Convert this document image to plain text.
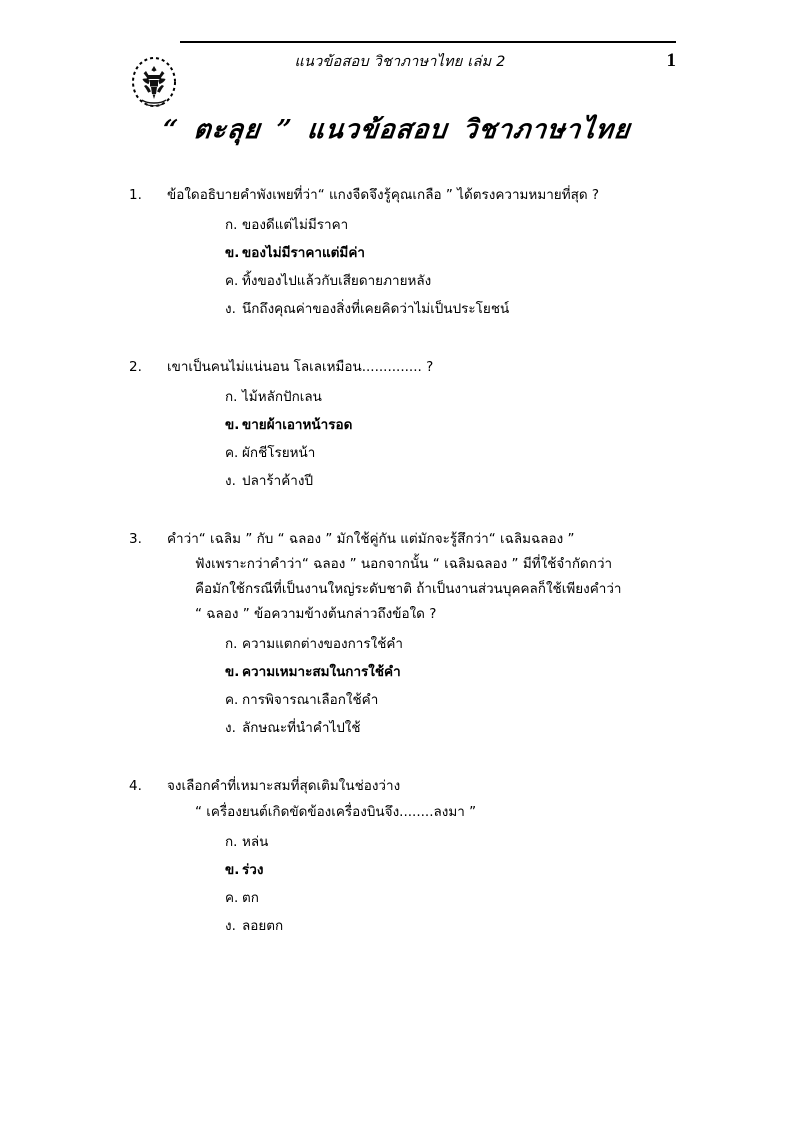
แนวข้อสอบ วิชาภาษาไทย เล่ม 2	1
“ ตะลุย ” แนวข้อสอบ วิชาภาษาไทย
1. ข้อใดอธิบายคำพังเพยที่ว่า“ แกงจืดจึงรู้คุณเกลือ ” ได้ตรงความหมายที่สุด ?
ก. ของดีแต่ไม่มีราคา
ข. ของไม่มีราคาแต่มีค่า
ค. ทิ้งของไปแล้วกับเสียดายภายหลัง
ง. นึกถึงคุณค่าของสิ่งที่เคยคิดว่าไม่เป็นประโยชน์
2. เขาเป็นคนไม่แน่นอน โลเลเหมือน.............. ?
ก. ไม้หลักปักเลน
ข. ขายผ้าเอาหน้ารอด
ค. ผักชีโรยหน้า
ง. ปลาร้าค้างปี
3. คำว่า“ เฉลิม ” กับ “ ฉลอง ” มักใช้คู่กัน แต่มักจะรู้สึกว่า“ เฉลิมฉลอง ”
ฟังเพราะกว่าคำว่า“ ฉลอง ” นอกจากนั้น “ เฉลิมฉลอง ” มีที่ใช้จำกัดกว่า
คือมักใช้กรณีที่เป็นงานใหญ่ระดับชาติ ถ้าเป็นงานส่วนบุคคลก็ใช้เพียงคำว่า
“ ฉลอง ” ข้อความข้างต้นกล่าวถึงข้อใด ?
ก. ความแตกต่างของการใช้คำ
ข. ความเหมาะสมในการใช้คำ
ค. การพิจารณาเลือกใช้คำ
ง. ลักษณะที่นำคำไปใช้
4. จงเลือกคำที่เหมาะสมที่สุดเติมในช่องว่าง
“ เครื่องยนต์เกิดขัดข้องเครื่องบินจึง........ลงมา ”
ก. หล่น
ข. ร่วง
ค. ตก
ง. ลอยตก
